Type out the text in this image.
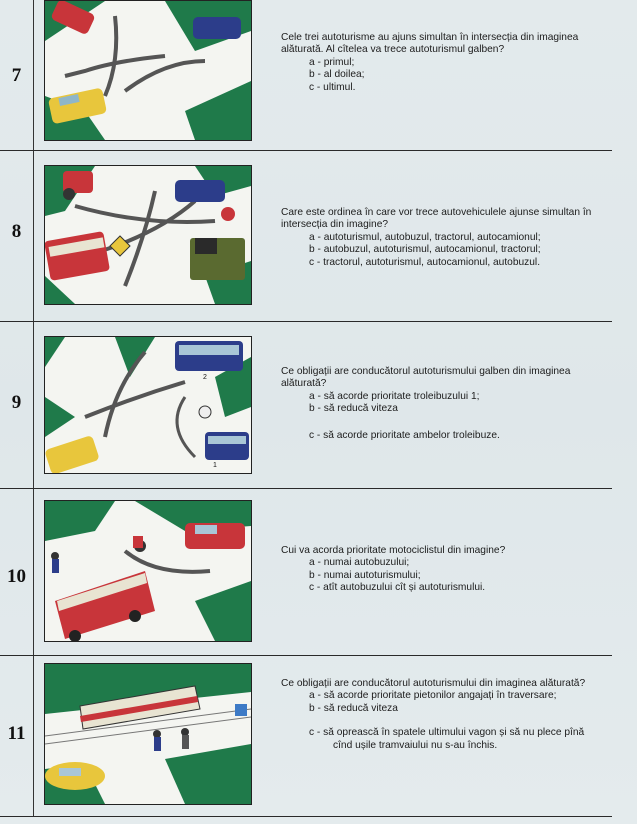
7

Cele trei autoturisme au ajuns simultan în intersecția din imaginea alăturată. Al cîtelea va trece autoturismul galben?

a - primul;

b - al doilea;

c - ultimul.

8

Care este ordinea în care vor trece autovehiculele ajunse simultan în intersecția din imagine?

a - autoturismul, autobuzul, tractorul, autocamionul;

b - autobuzul, autoturismul, autocamionul, tractorul;

c - tractorul, autoturismul, autocamionul, autobuzul.

9
2
1

Ce obligații are conducătorul autoturismului galben din imaginea alăturată?

a - să acorde prioritate troleibuzului 1;

b - să reducă viteza

c - să acorde prioritate ambelor troleibuze.

10

Cui va acorda prioritate motociclistul din imagine?

a - numai autobuzului;

b - numai autoturismului;

c - atît autobuzului cît și autoturismului.

11

Ce obligații are conducătorul autoturismului din imaginea alăturată?

a - să acorde prioritate pietonilor angajați în traversare;

b - să reducă viteza

c - să oprească în spatele ultimului vagon și să nu plece pînă cînd ușile tramvaiului nu s-au închis.
